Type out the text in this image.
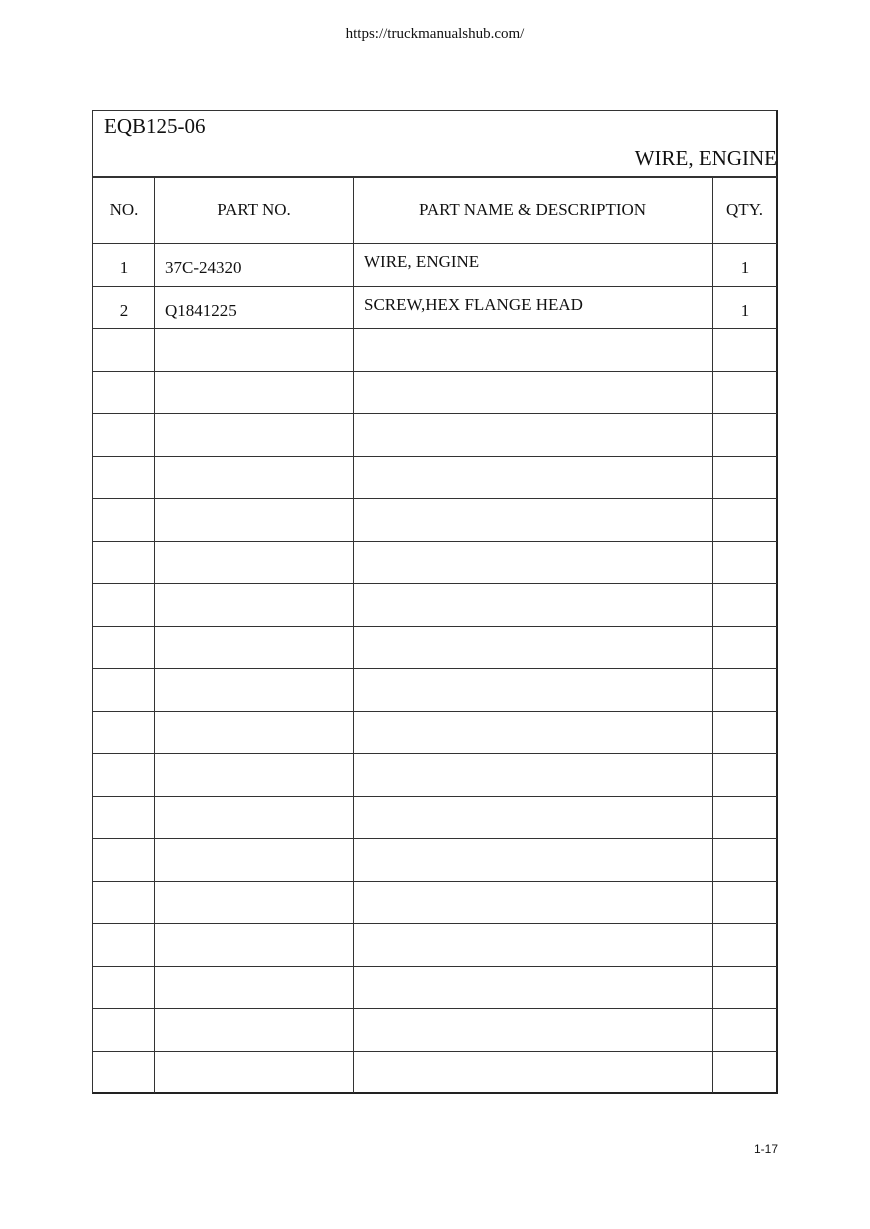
https://truckmanualshub.com/
EQB125-06
WIRE, ENGINE
NO.	PART NO.	PART NAME & DESCRIPTION	QTY.
1	37C-24320	WIRE, ENGINE	1
2	Q1841225	SCREW,HEX FLANGE HEAD	1
1-17
